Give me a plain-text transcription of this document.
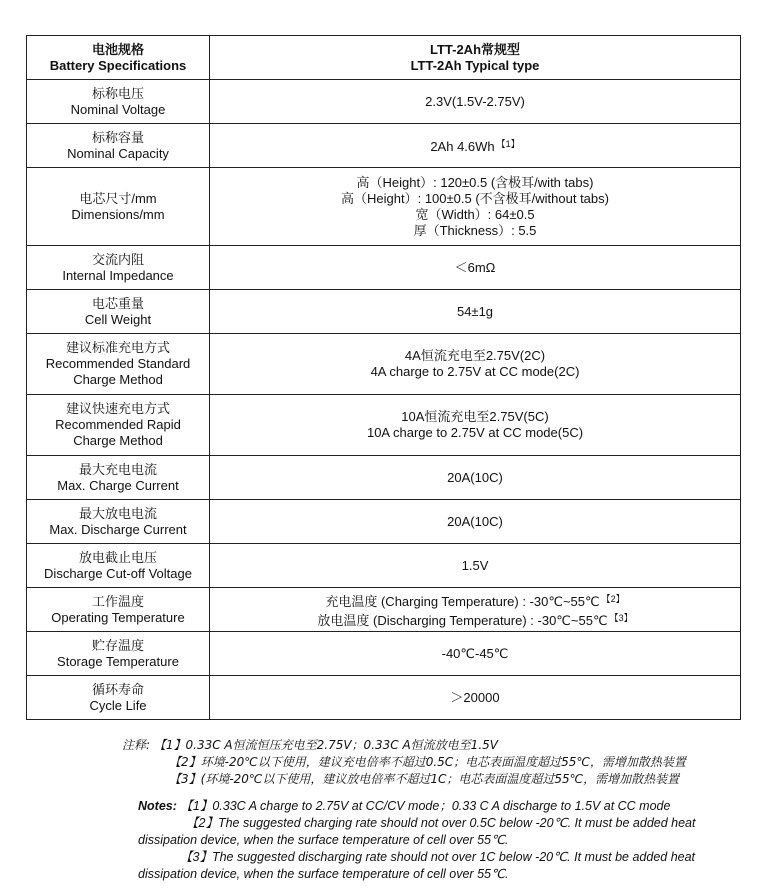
电池规格
Battery Specifications	LTT-2Ah常规型
LTT-2Ah Typical type

标称电压
Nominal Voltage	2.3V(1.5V-2.75V)

标称容量
Nominal Capacity	2Ah 4.6Wh $^{【1】}$

电芯尺寸/mm
Dimensions/mm	高（Height）: 120±0.5 (含极耳/with tabs)
高（Height）: 100±0.5 (不含极耳/without tabs)
宽（Width）: 64±0.5
厚（Thickness）: 5.5

交流内阻
Internal Impedance	＜6mΩ

电芯重量
Cell Weight	54±1g

建议标准充电方式
Recommended Standard
Charge Method	4A恒流充电至2.75V(2C)
4A charge to 2.75V at CC mode(2C)

建议快速充电方式
Recommended Rapid
Charge Method	10A恒流充电至2.75V(5C)
10A charge to 2.75V at CC mode(5C)

最大充电电流
Max. Charge Current	20A(10C)

最大放电电流
Max. Discharge Current	20A(10C)

放电截止电压
Discharge Cut-off Voltage	1.5V

工作温度
Operating Temperature	充电温度 (Charging Temperature) : -30℃~55℃ $^{【2】}$
放电温度 (Discharging Temperature) : -30℃~55℃ $^{【3】}$

贮存温度
Storage Temperature	-40℃-45℃

循环寿命
Cycle Life	＞20000
注释: 【1】0.33C A恒流恒压充电至2.75V；0.33C A恒流放电至1.5V
【2】环境-20℃以下使用，建议充电倍率不超过0.5C；电芯表面温度超过55℃，需增加散热装置
【3】(环境-20℃以下使用，建议放电倍率不超过1C；电芯表面温度超过55℃，需增加散热装置
Notes: 【1】0.33C A charge to 2.75V at CC/CV mode；0.33 C A discharge to 1.5V at CC mode
【2】The suggested charging rate should not over 0.5C below -20℃. It must be added heat
dissipation device, when the surface temperature of cell over 55℃.
【3】The suggested discharging rate should not over 1C below -20℃. It must be added heat
dissipation device, when the surface temperature of cell over 55℃.
